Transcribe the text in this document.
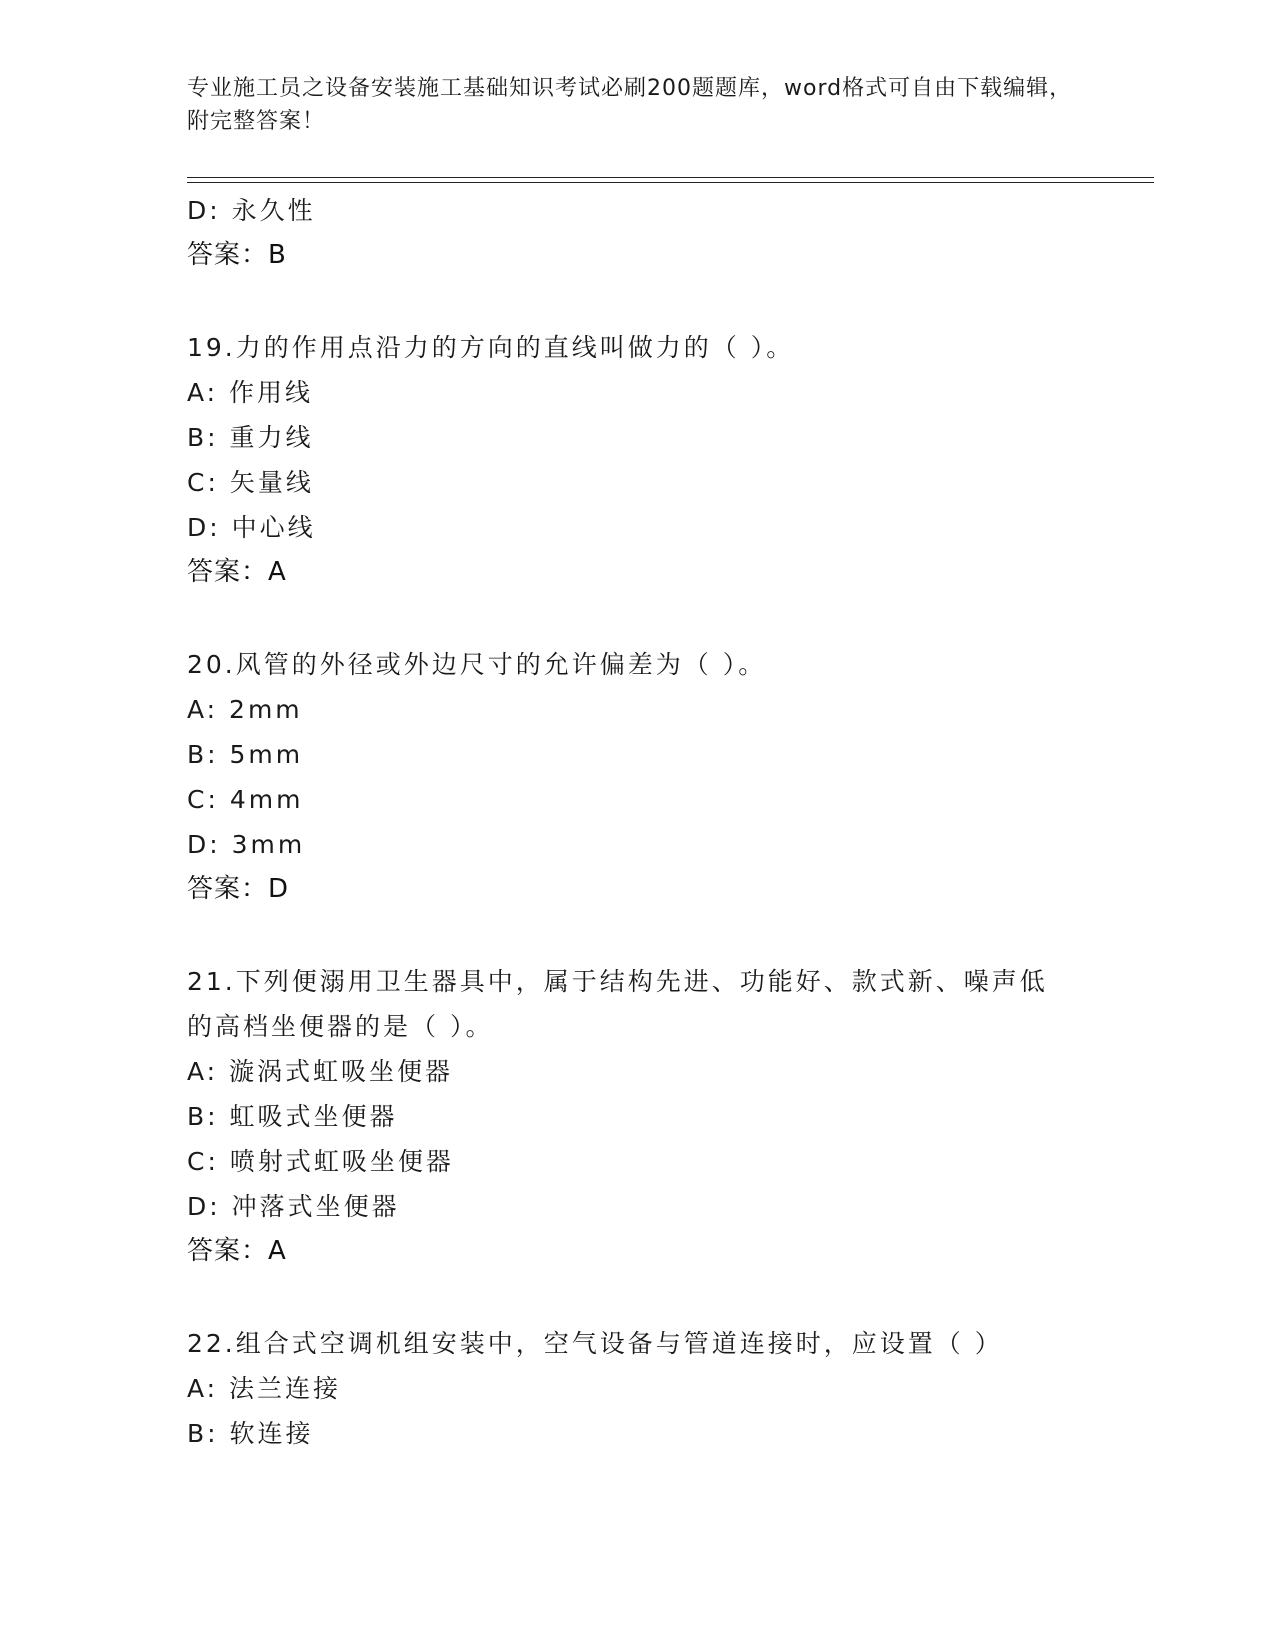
专业施工员之设备安装施工基础知识考试必刷200题题库，word格式可自由下载编辑，附完整答案！
D: 永久性
答案：B
19.力的作用点沿力的方向的直线叫做力的（ ）。
A: 作用线
B: 重力线
C: 矢量线
D: 中心线
答案：A
20.风管的外径或外边尺寸的允许偏差为（ ）。
A: 2mm
B: 5mm
C: 4mm
D: 3mm
答案：D
21.下列便溺用卫生器具中，属于结构先进、功能好、款式新、噪声低
的高档坐便器的是（ ）。
A: 漩涡式虹吸坐便器
B: 虹吸式坐便器
C: 喷射式虹吸坐便器
D: 冲落式坐便器
答案：A
22.组合式空调机组安装中，空气设备与管道连接时，应设置（ ）
A: 法兰连接
B: 软连接
